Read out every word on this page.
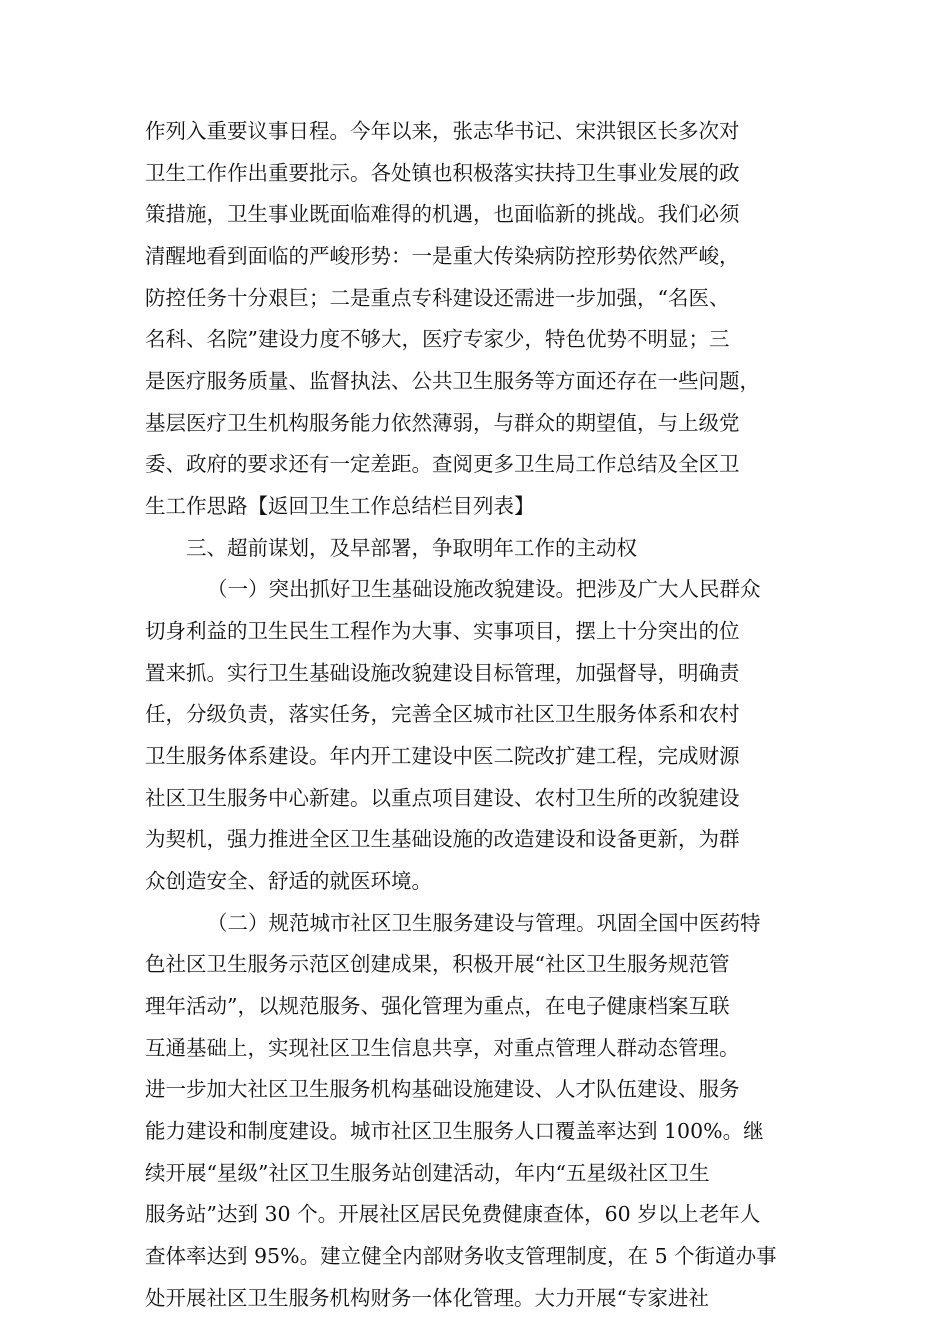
作列入重要议事日程。今年以来，张志华书记、宋洪银区长多次对
卫生工作作出重要批示。各处镇也积极落实扶持卫生事业发展的政
策措施，卫生事业既面临难得的机遇，也面临新的挑战。我们必须
清醒地看到面临的严峻形势：一是重大传染病防控形势依然严峻，
防控任务十分艰巨；二是重点专科建设还需进一步加强，“名医、
名科、名院”建设力度不够大，医疗专家少，特色优势不明显；三
是医疗服务质量、监督执法、公共卫生服务等方面还存在一些问题，
基层医疗卫生机构服务能力依然薄弱，与群众的期望值，与上级党
委、政府的要求还有一定差距。查阅更多卫生局工作总结及全区卫
生工作思路【返回卫生工作总结栏目列表】
三、超前谋划，及早部署，争取明年工作的主动权
（一）突出抓好卫生基础设施改貌建设。把涉及广大人民群众
切身利益的卫生民生工程作为大事、实事项目，摆上十分突出的位
置来抓。实行卫生基础设施改貌建设目标管理，加强督导，明确责
任，分级负责，落实任务，完善全区城市社区卫生服务体系和农村
卫生服务体系建设。年内开工建设中医二院改扩建工程，完成财源
社区卫生服务中心新建。以重点项目建设、农村卫生所的改貌建设
为契机，强力推进全区卫生基础设施的改造建设和设备更新，为群
众创造安全、舒适的就医环境。
（二）规范城市社区卫生服务建设与管理。巩固全国中医药特
色社区卫生服务示范区创建成果，积极开展“社区卫生服务规范管
理年活动”，以规范服务、强化管理为重点，在电子健康档案互联
互通基础上，实现社区卫生信息共享，对重点管理人群动态管理。
进一步加大社区卫生服务机构基础设施建设、人才队伍建设、服务
能力建设和制度建设。城市社区卫生服务人口覆盖率达到 100%。继
续开展“星级”社区卫生服务站创建活动，年内“五星级社区卫生
服务站”达到 30 个。开展社区居民免费健康查体，60 岁以上老年人
查体率达到 95%。建立健全内部财务收支管理制度，在 5 个街道办事
处开展社区卫生服务机构财务一体化管理。大力开展“专家进社
